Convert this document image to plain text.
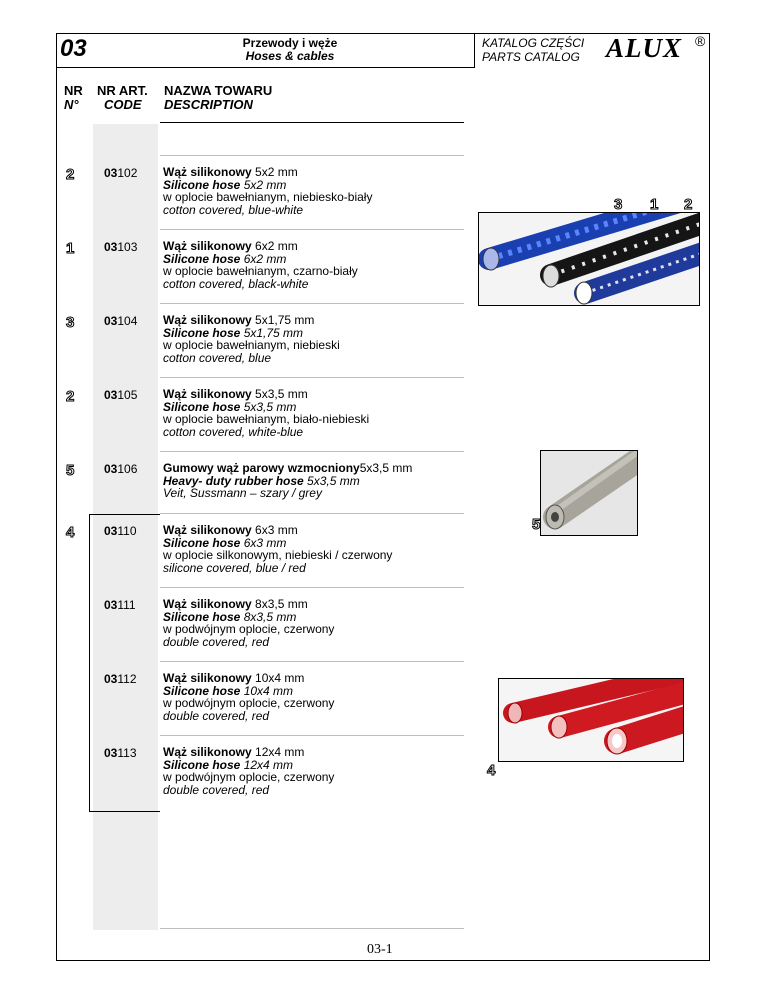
03	Przewody i węże
Hoses & cables
KATALOG CZĘŚCI
PARTS CATALOG ALUX ®
NR
N°
NR ART.
CODE
NAZWA TOWARU
DESCRIPTION
2 03102 Wąż silikonowy 5x2 mm
Silicone hose 5x2 mm
w oplocie bawełnianym, niebiesko-biały
cotton covered, blue-white
1 03103 Wąż silikonowy 6x2 mm
Silicone hose 6x2 mm
w oplocie bawełnianym, czarno-biały
cotton covered, black-white
3 03104 Wąż silikonowy 5x1,75 mm
Silicone hose 5x1,75 mm
w oplocie bawełnianym, niebieski
cotton covered, blue
2 03105 Wąż silikonowy 5x3,5 mm
Silicone hose 5x3,5 mm
w oplocie bawełnianym, biało-niebieski
cotton covered, white-blue
5 03106 Gumowy wąż parowy wzmocniony5x3,5 mm
Heavy- duty rubber hose 5x3,5 mm
Veit, Sussmann – szary / grey
4 03110 Wąż silikonowy 6x3 mm
Silicone hose 6x3 mm
w oplocie silkonowym, niebieski / czerwony
silicone covered, blue / red
03111 Wąż silikonowy 8x3,5 mm
Silicone hose 8x3,5 mm
w podwójnym oplocie, czerwony
double covered, red
03112 Wąż silikonowy 10x4 mm
Silicone hose 10x4 mm
w podwójnym oplocie, czerwony
double covered, red
03113 Wąż silikonowy 12x4 mm
Silicone hose 12x4 mm
w podwójnym oplocie, czerwony
double covered, red
3 1 2
5
4
03-1
